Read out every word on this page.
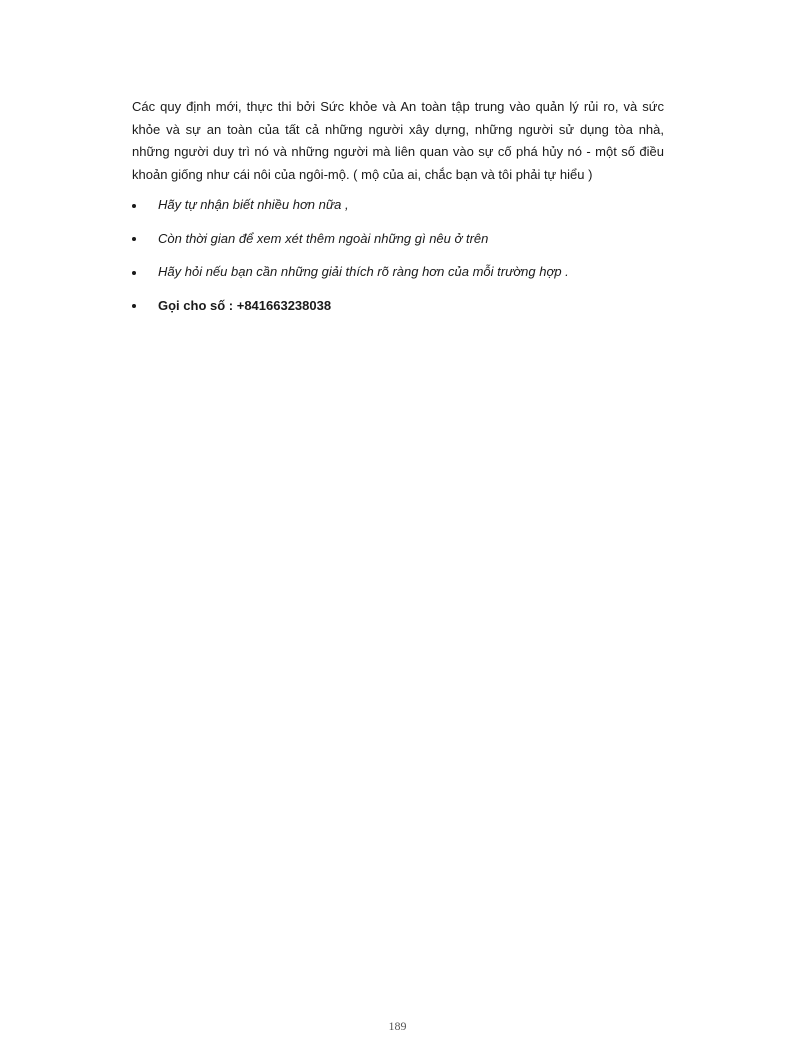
Các quy định mới, thực thi bởi Sức khỏe và An toàn tập trung vào quản lý rủi ro, và sức khỏe và sự an toàn của tất cả những người xây dựng, những người sử dụng tòa nhà, những người duy trì nó và những người mà liên quan vào sự cố phá hủy nó - một số điều khoản giống như cái nôi của ngôi-mộ. ( mộ của ai, chắc bạn và tôi phải tự hiểu )

Hãy tự nhận biết nhiều hơn nữa ,
Còn thời gian để xem xét thêm ngoài những gì nêu ở trên
Hãy hỏi nếu bạn cần những giải thích rõ ràng hơn của mỗi trường hợp .
Gọi cho số : +841663238038
189
